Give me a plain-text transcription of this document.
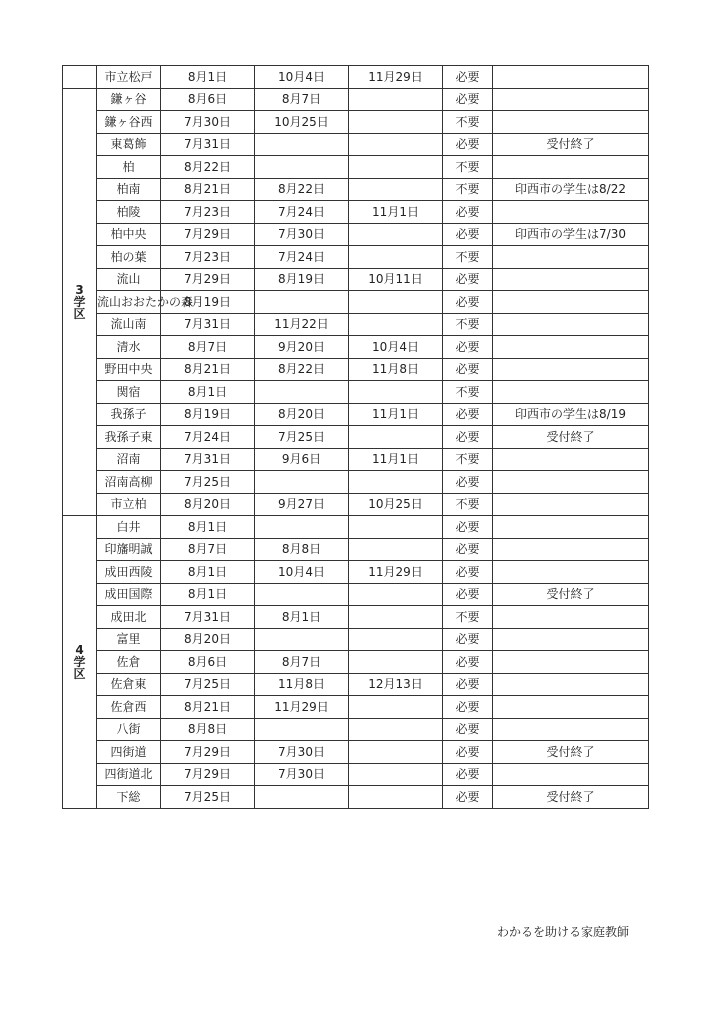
	市立松戸	8月1日	10月4日	11月29日	必要	

3
学
区	鎌ヶ谷	8月6日	8月7日		必要	
	鎌ヶ谷西	7月30日	10月25日		不要	
	東葛飾	7月31日			必要	受付終了
	柏	8月22日			不要	
	柏南	8月21日	8月22日		不要	印西市の学生は8/22
	柏陵	7月23日	7月24日	11月1日	必要	
	柏中央	7月29日	7月30日		必要	印西市の学生は7/30
	柏の葉	7月23日	7月24日		不要	
	流山	7月29日	8月19日	10月11日	必要	
	流山おおたかの森	8月19日			必要	
	流山南	7月31日	11月22日		不要	
	清水	8月7日	9月20日	10月4日	必要	
	野田中央	8月21日	8月22日	11月8日	必要	
	関宿	8月1日			不要	
	我孫子	8月19日	8月20日	11月1日	必要	印西市の学生は8/19
	我孫子東	7月24日	7月25日		必要	受付終了
	沼南	7月31日	9月6日	11月1日	不要	
	沼南高柳	7月25日			必要	
	市立柏	8月20日	9月27日	10月25日	不要	

4
学
区	白井	8月1日			必要	
	印旛明誠	8月7日	8月8日		必要	
	成田西陵	8月1日	10月4日	11月29日	必要	
	成田国際	8月1日			必要	受付終了
	成田北	7月31日	8月1日		不要	
	富里	8月20日			必要	
	佐倉	8月6日	8月7日		必要	
	佐倉東	7月25日	11月8日	12月13日	必要	
	佐倉西	8月21日	11月29日		必要	
	八街	8月8日			必要	
	四街道	7月29日	7月30日		必要	受付終了
	四街道北	7月29日	7月30日		必要	
	下総	7月25日			必要	受付終了
わかるを助ける家庭教師
